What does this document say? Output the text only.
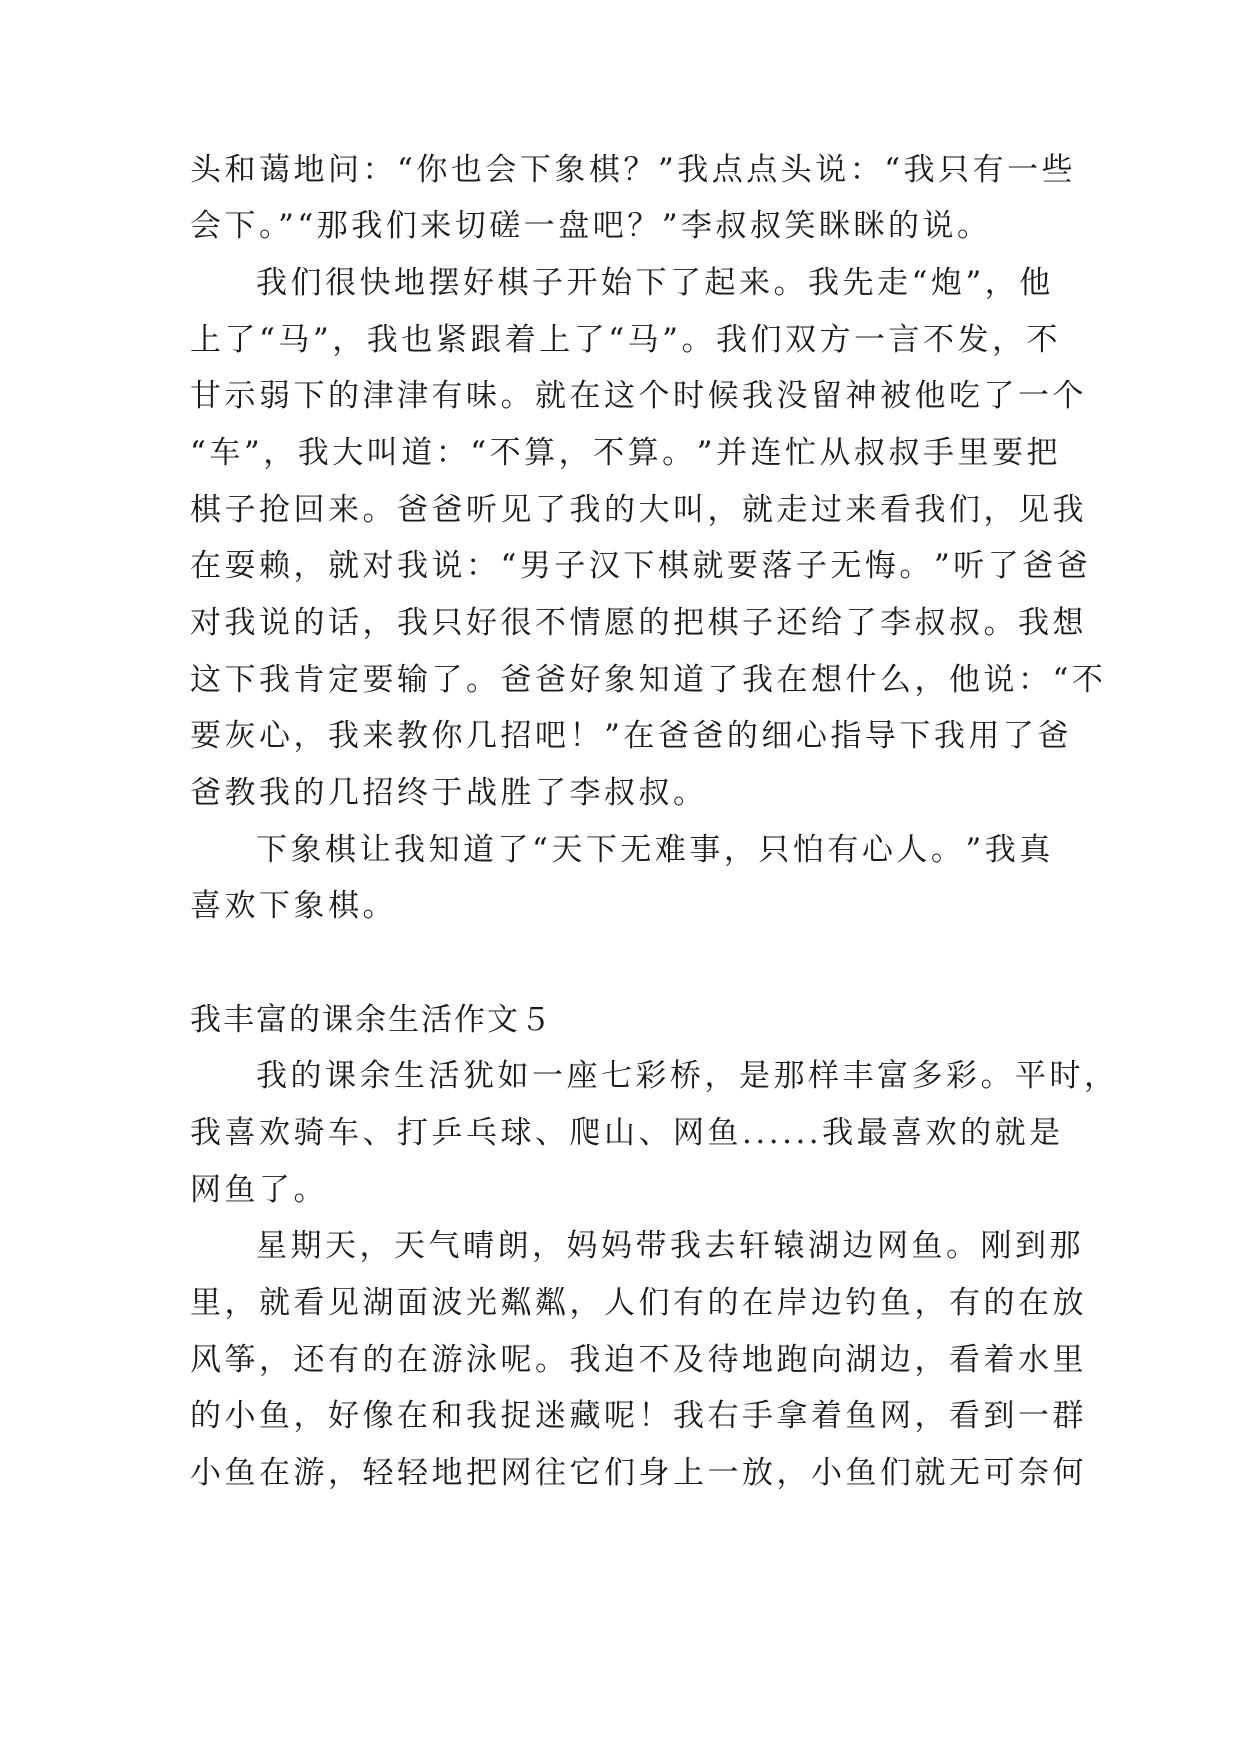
头 和 蔼 地 问 ： “ 你 也 会 下 象 棋 ？ ” 我 点 点 头 说 ： “ 我 只 有 一 些
会下。”“那我们来切磋一盘吧？”李叔叔笑眯眯的说。
我 们 很 快 地 摆 好 棋 子 开 始 下 了 起 来 。 我 先 走 “ 炮 ” ， 他
上 了 “ 马 ” ， 我 也 紧 跟 着 上 了 “ 马 ” 。 我 们 双 方 一 言 不 发 ， 不
甘 示 弱 下 的 津 津 有 味 。 就 在 这 个 时 候 我 没 留 神 被 他 吃 了 一 个
“ 车 ” ， 我 大 叫 道 ： “ 不 算 ， 不 算 。 ” 并 连 忙 从 叔 叔 手 里 要 把
棋 子 抢 回 来 。 爸 爸 听 见 了 我 的 大 叫 ， 就 走 过 来 看 我 们 ， 见 我
在 耍 赖 ， 就 对 我 说 ： “ 男 子 汉 下 棋 就 要 落 子 无 悔 。 ” 听 了 爸 爸
对 我 说 的 话 ， 我 只 好 很 不 情 愿 的 把 棋 子 还 给 了 李 叔 叔 。 我 想
这 下 我 肯 定 要 输 了 。 爸 爸 好 象 知 道 了 我 在 想 什 么 ， 他 说 ： “ 不
要 灰 心 ， 我 来 教 你 几 招 吧 ！ ” 在 爸 爸 的 细 心 指 导 下 我 用 了 爸
爸教我的几招终于战胜了李叔叔。
下 象 棋 让 我 知 道 了 “ 天 下 无 难 事 ， 只 怕 有 心 人 。 ” 我 真
喜欢下象棋。
我丰富的课余生活作文５
我 的 课 余 生 活 犹 如 一 座 七 彩 桥 ， 是 那 样 丰 富 多 彩 。 平 时 ，
我 喜 欢 骑 车 、 打 乒 乓 球 、 爬 山 、 网 鱼 . . . . . . 我 最 喜 欢 的 就 是
网鱼了。
星 期 天 ， 天 气 晴 朗 ， 妈 妈 带 我 去 轩 辕 湖 边 网 鱼 。 刚 到 那
里 ， 就 看 见 湖 面 波 光 粼 粼 ， 人 们 有 的 在 岸 边 钓 鱼 ， 有 的 在 放
风 筝 ， 还 有 的 在 游 泳 呢 。 我 迫 不 及 待 地 跑 向 湖 边 ， 看 着 水 里
的 小 鱼 ， 好 像 在 和 我 捉 迷 藏 呢 ！ 我 右 手 拿 着 鱼 网 ， 看 到 一 群
小 鱼 在 游 ， 轻 轻 地 把 网 往 它 们 身 上 一 放 ， 小 鱼 们 就 无 可 奈 何
